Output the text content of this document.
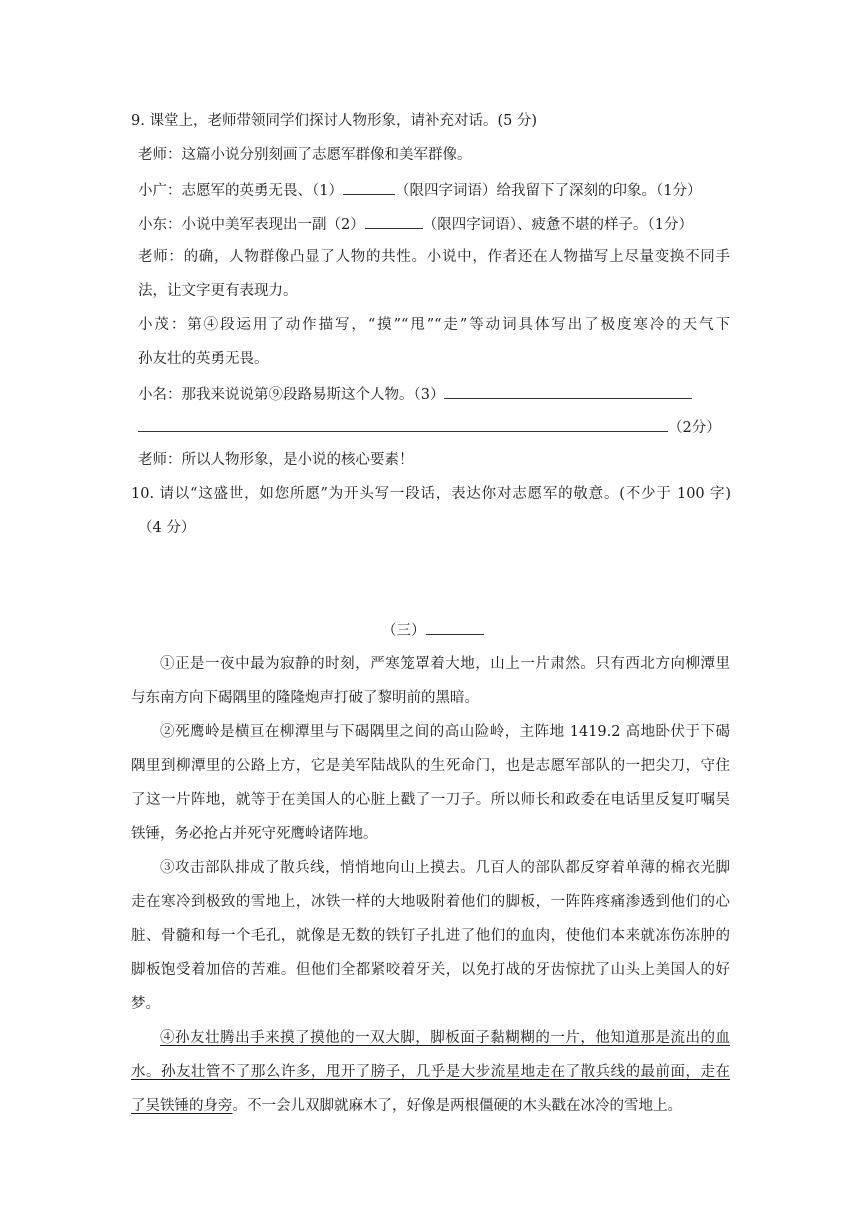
9. 课堂上，老师带领同学们探讨人物形象，请补充对话。(5 分)
老师：这篇小说分别刻画了志愿军群像和美军群像。
小广：志愿军的英勇无畏、（1）	（限四字词语）给我留下了深刻的印象。（1分）
小东：小说中美军表现出一副（2）	（限四字词语）、疲惫不堪的样子。（1分）
老师：的确，人物群像凸显了人物的共性。小说中，作者还在人物描写上尽量变换不同手
法，让文字更有表现力。
小茂：第④段运用了动作描写，“摸”“甩”“走”等动词具体写出了极度寒冷的天气下
孙友壮的英勇无畏。
小名：那我来说说第⑨段路易斯这个人物。（3）
（2分）
老师：所以人物形象，是小说的核心要素！
10. 请以“这盛世，如您所愿”为开头写一段话，表达你对志愿军的敬意。(不少于 100 字)
（4 分）
（三）
①正是一夜中最为寂静的时刻，严寒笼罩着大地，山上一片肃然。只有西北方向柳潭里
与东南方向下碣隅里的隆隆炮声打破了黎明前的黑暗。
②死鹰岭是横亘在柳潭里与下碣隅里之间的高山险岭，主阵地 1419.2 高地卧伏于下碣
隅里到柳潭里的公路上方，它是美军陆战队的生死命门，也是志愿军部队的一把尖刀，守住
了这一片阵地，就等于在美国人的心脏上戳了一刀子。所以师长和政委在电话里反复叮嘱吴
铁锤，务必抢占并死守死鹰岭诸阵地。
③攻击部队排成了散兵线，悄悄地向山上摸去。几百人的部队都反穿着单薄的棉衣光脚
走在寒冷到极致的雪地上，冰铁一样的大地吸附着他们的脚板，一阵阵疼痛渗透到他们的心
脏、骨髓和每一个毛孔，就像是无数的铁钉子扎进了他们的血肉，使他们本来就冻伤冻肿的
脚板饱受着加倍的苦难。但他们全都紧咬着牙关，以免打战的牙齿惊扰了山头上美国人的好
梦。
④孙友壮腾出手来摸了摸他的一双大脚，脚板面子黏糊糊的一片，他知道那是流出的血
水。孙友壮管不了那么许多，甩开了膀子，几乎是大步流星地走在了散兵线的最前面，走在
了吴铁锤的身旁。不一会儿双脚就麻木了，好像是两根僵硬的木头戳在冰冷的雪地上。
